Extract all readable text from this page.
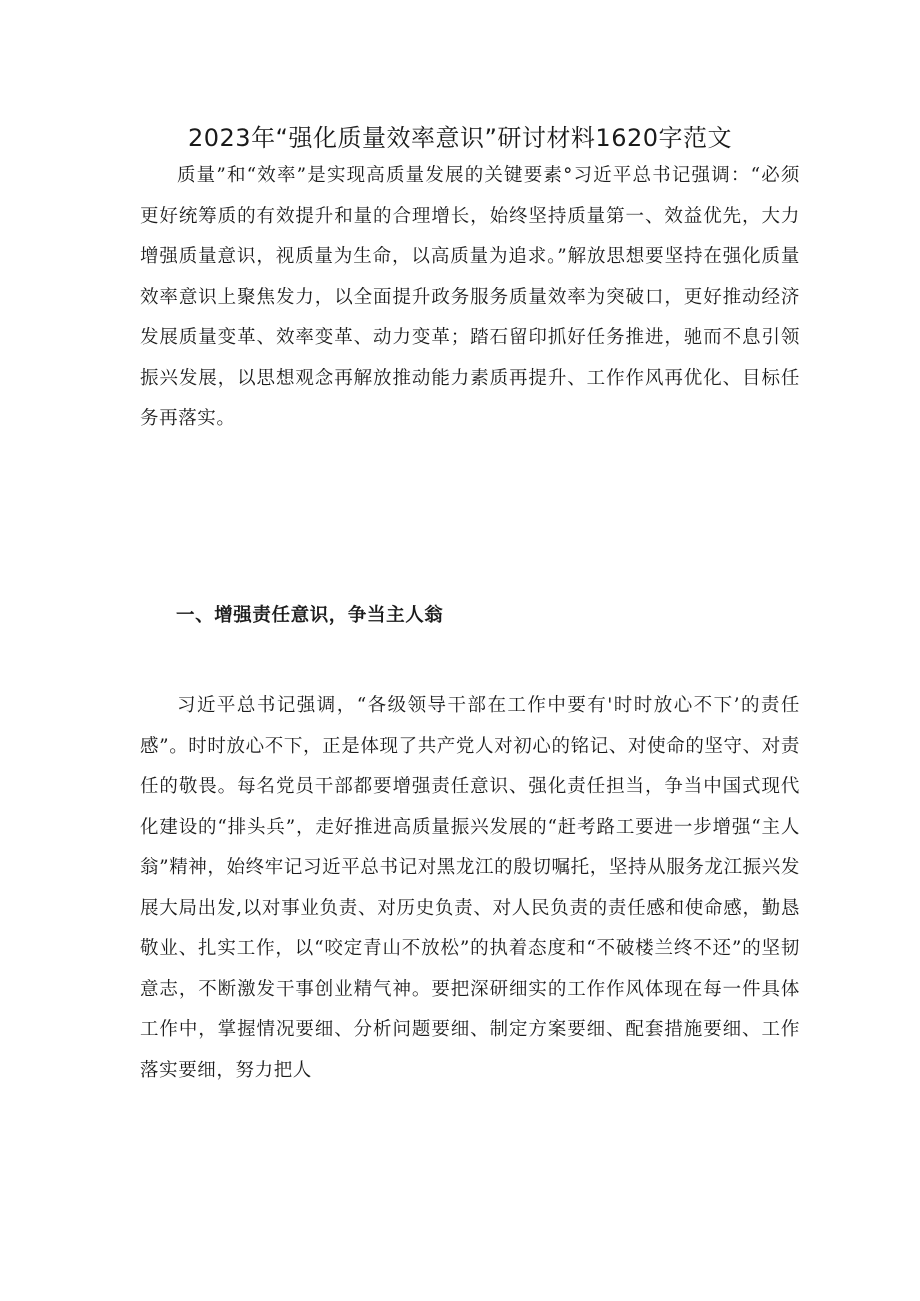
2023年“强化质量效率意识”研讨材料1620字范文

质量”和“效率”是实现高质量发展的关键要素°习近平总书记强调：“必须更好统筹质的有效提升和量的合理增长，始终坚持质量第一、效益优先，大力增强质量意识，视质量为生命，以高质量为追求。”解放思想要坚持在强化质量效率意识上聚焦发力，以全面提升政务服务质量效率为突破口，更好推动经济发展质量变革、效率变革、动力变革；踏石留印抓好任务推进，驰而不息引领振兴发展，以思想观念再解放推动能力素质再提升、工作作风再优化、目标任务再落实。

一、增强责任意识，争当主人翁

习近平总书记强调，“各级领导干部在工作中要有'时时放心不下’的责任感”。时时放心不下，正是体现了共产党人对初心的铭记、对使命的坚守、对责任的敬畏。每名党员干部都要增强责任意识、强化责任担当，争当中国式现代化建设的“排头兵”，走好推进高质量振兴发展的“赶考路工要进一步增强“主人翁”精神，始终牢记习近平总书记对黑龙江的殷切嘱托，坚持从服务龙江振兴发展大局出发,以对事业负责、对历史负责、对人民负责的责任感和使命感，勤恳敬业、扎实工作，以“咬定青山不放松”的执着态度和“不破楼兰终不还”的坚韧意志，不断激发干事创业精气神。要把深研细实的工作作风体现在每一件具体工作中，掌握情况要细、分析问题要细、制定方案要细、配套措施要细、工作落实要细，努力把人
